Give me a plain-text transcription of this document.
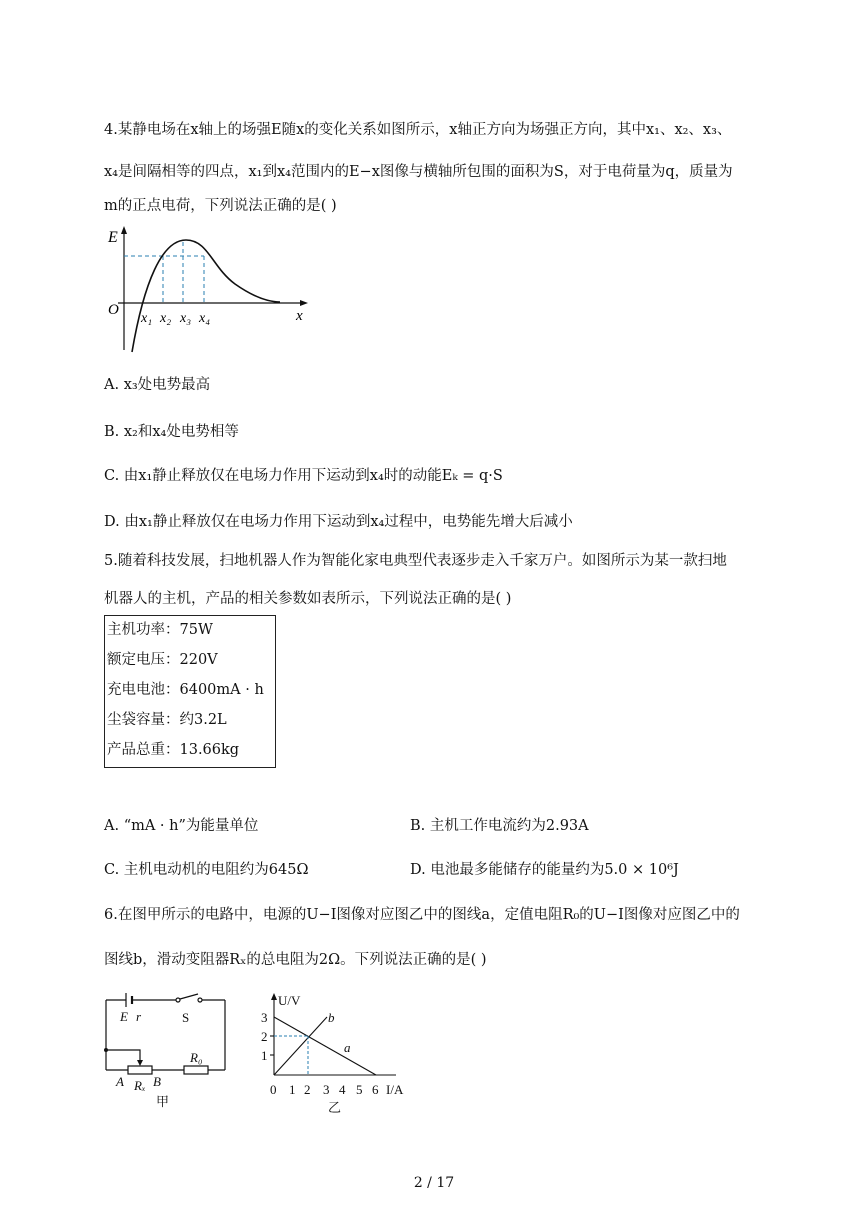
4.某静电场在x轴上的场强E随x的变化关系如图所示，x轴正方向为场强正方向，其中x₁、x₂、x₃、
x₄是间隔相等的四点，x₁到x₄范围内的E−x图像与横轴所包围的面积为S，对于电荷量为q，质量为
m的正点电荷，下列说法正确的是( )
E
O	x
x₁ x₂ x₃ x₄
A. x₃处电势最高
B. x₂和x₄处电势相等
C. 由x₁静止释放仅在电场力作用下运动到x₄时的动能Eₖ = q·S
D. 由x₁静止释放仅在电场力作用下运动到x₄过程中，电势能先增大后减小
5.随着科技发展，扫地机器人作为智能化家电典型代表逐步走入千家万户。如图所示为某一款扫地
机器人的主机，产品的相关参数如表所示，下列说法正确的是( )
主机功率：75W
额定电压：220V
充电电池：6400mA · h
尘袋容量：约3.2L
产品总重：13.66kg
A. “mA · h”为能量单位	B. 主机工作电流约为2.93A
C. 主机电动机的电阻约为645Ω	D. 电池最多能储存的能量约为5.0 × 10⁶J
6.在图甲所示的电路中，电源的U−I图像对应图乙中的图线a，定值电阻R₀的U−I图像对应图乙中的
图线b，滑动变阻器Rₓ的总电阻为2Ω。下列说法正确的是( )
E r	S
R₀
A Rₓ B
甲
U/V
I/A
1
2
3
0 1 2 3 4 5 6
a
b
乙
2 / 17
